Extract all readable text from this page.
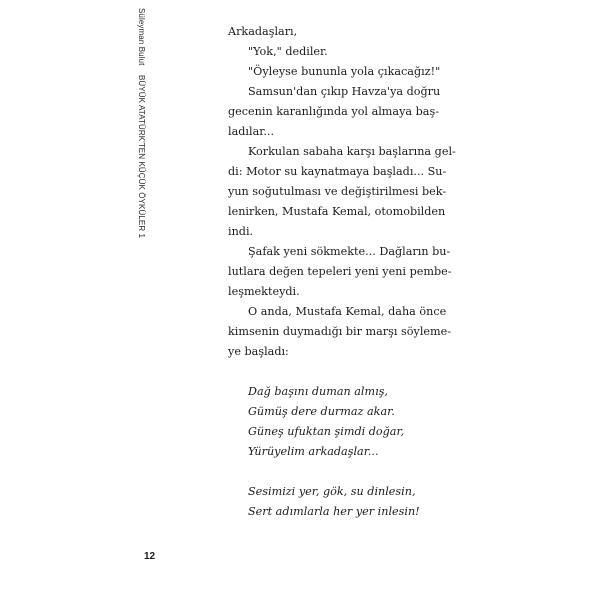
Süleyman BulutBÜYÜK ATATÜRK'TEN KÜÇÜK ÖYKÜLER 1
Arkadaşları,
"Yok," dediler.
"Öyleyse bununla yola çıkacağız!"
Samsun'dan çıkıp Havza'ya doğru
gecenin karanlığında yol almaya baş-
ladılar...
Korkulan sabaha karşı başlarına gel-
di: Motor su kaynatmaya başladı... Su-
yun soğutulması ve değiştirilmesi bek-
lenirken, Mustafa Kemal, otomobilden
indi.
Şafak yeni sökmekte... Dağların bu-
lutlara değen tepeleri yeni yeni pembe-
leşmekteydi.
O anda, Mustafa Kemal, daha önce
kimsenin duymadığı bir marşı söyleme-
ye başladı:
Dağ başını duman almış,
Gümüş dere durmaz akar.
Güneş ufuktan şimdi doğar,
Yürüyelim arkadaşlar...
Sesimizi yer, gök, su dinlesin,
Sert adımlarla her yer inlesin!
12
